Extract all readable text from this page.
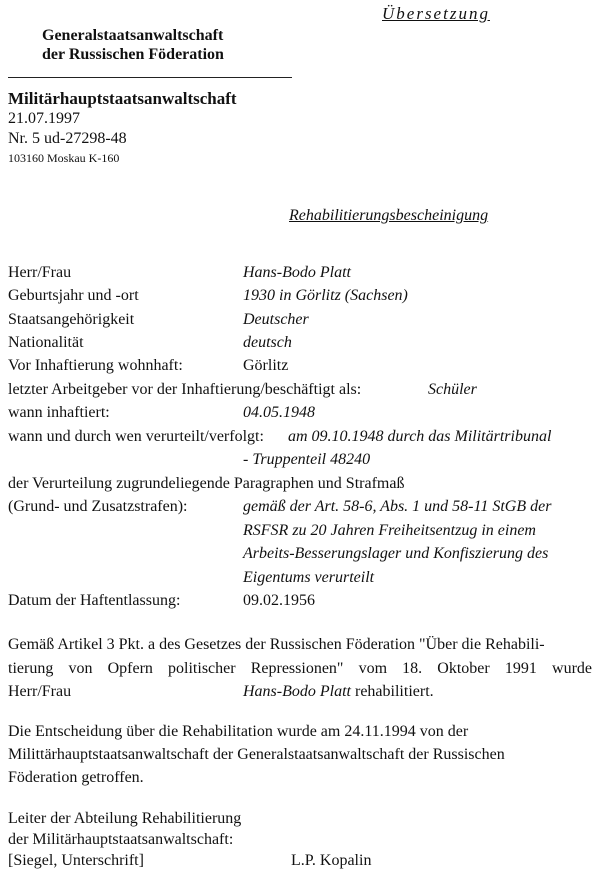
Übersetzung
Generalstaatsanwaltschaft
der Russischen Föderation
Militärhauptstaatsanwaltschaft
21.07.1997
Nr. 5 ud-27298-48
103160 Moskau K-160
Rehabilitierungsbescheinigung
Herr/Frau	Hans-Bodo Platt
Geburtsjahr und -ort	1930 in Görlitz (Sachsen)
Staatsangehörigkeit	Deutscher
Nationalität	deutsch
Vor Inhaftierung wohnhaft:	Görlitz
letzter Arbeitgeber vor der Inhaftierung/beschäftigt als:	Schüler
wann inhaftiert:	04.05.1948
wann und durch wen verurteilt/verfolgt: am 09.10.1948 durch das Militärtribunal
- Truppenteil 48240
der Verurteilung zugrundeliegende Paragraphen und Strafmaß
(Grund- und Zusatzstrafen):	gemäß der Art. 58-6, Abs. 1 und 58-11 StGB der
RSFSR zu 20 Jahren Freiheitsentzug in einem
Arbeits-Besserungslager und Konfiszierung des
Eigentums verurteilt
Datum der Haftentlassung:	09.02.1956
Gemäß Artikel 3 Pkt. a des Gesetzes der Russischen Föderation "Über die Rehabili-
tierung von Opfern politischer Repressionen" vom 18. Oktober 1991 wurde
Herr/Frau	Hans-Bodo Platt rehabilitiert.
Die Entscheidung über die Rehabilitation wurde am 24.11.1994 von der
Milittärhauptstaatsanwaltschaft der Generalstaatsanwaltschaft der Russischen
Föderation getroffen.
Leiter der Abteilung Rehabilitierung
der Militärhauptstaatsanwaltschaft:
[Siegel, Unterschrift]	L.P. Kopalin
